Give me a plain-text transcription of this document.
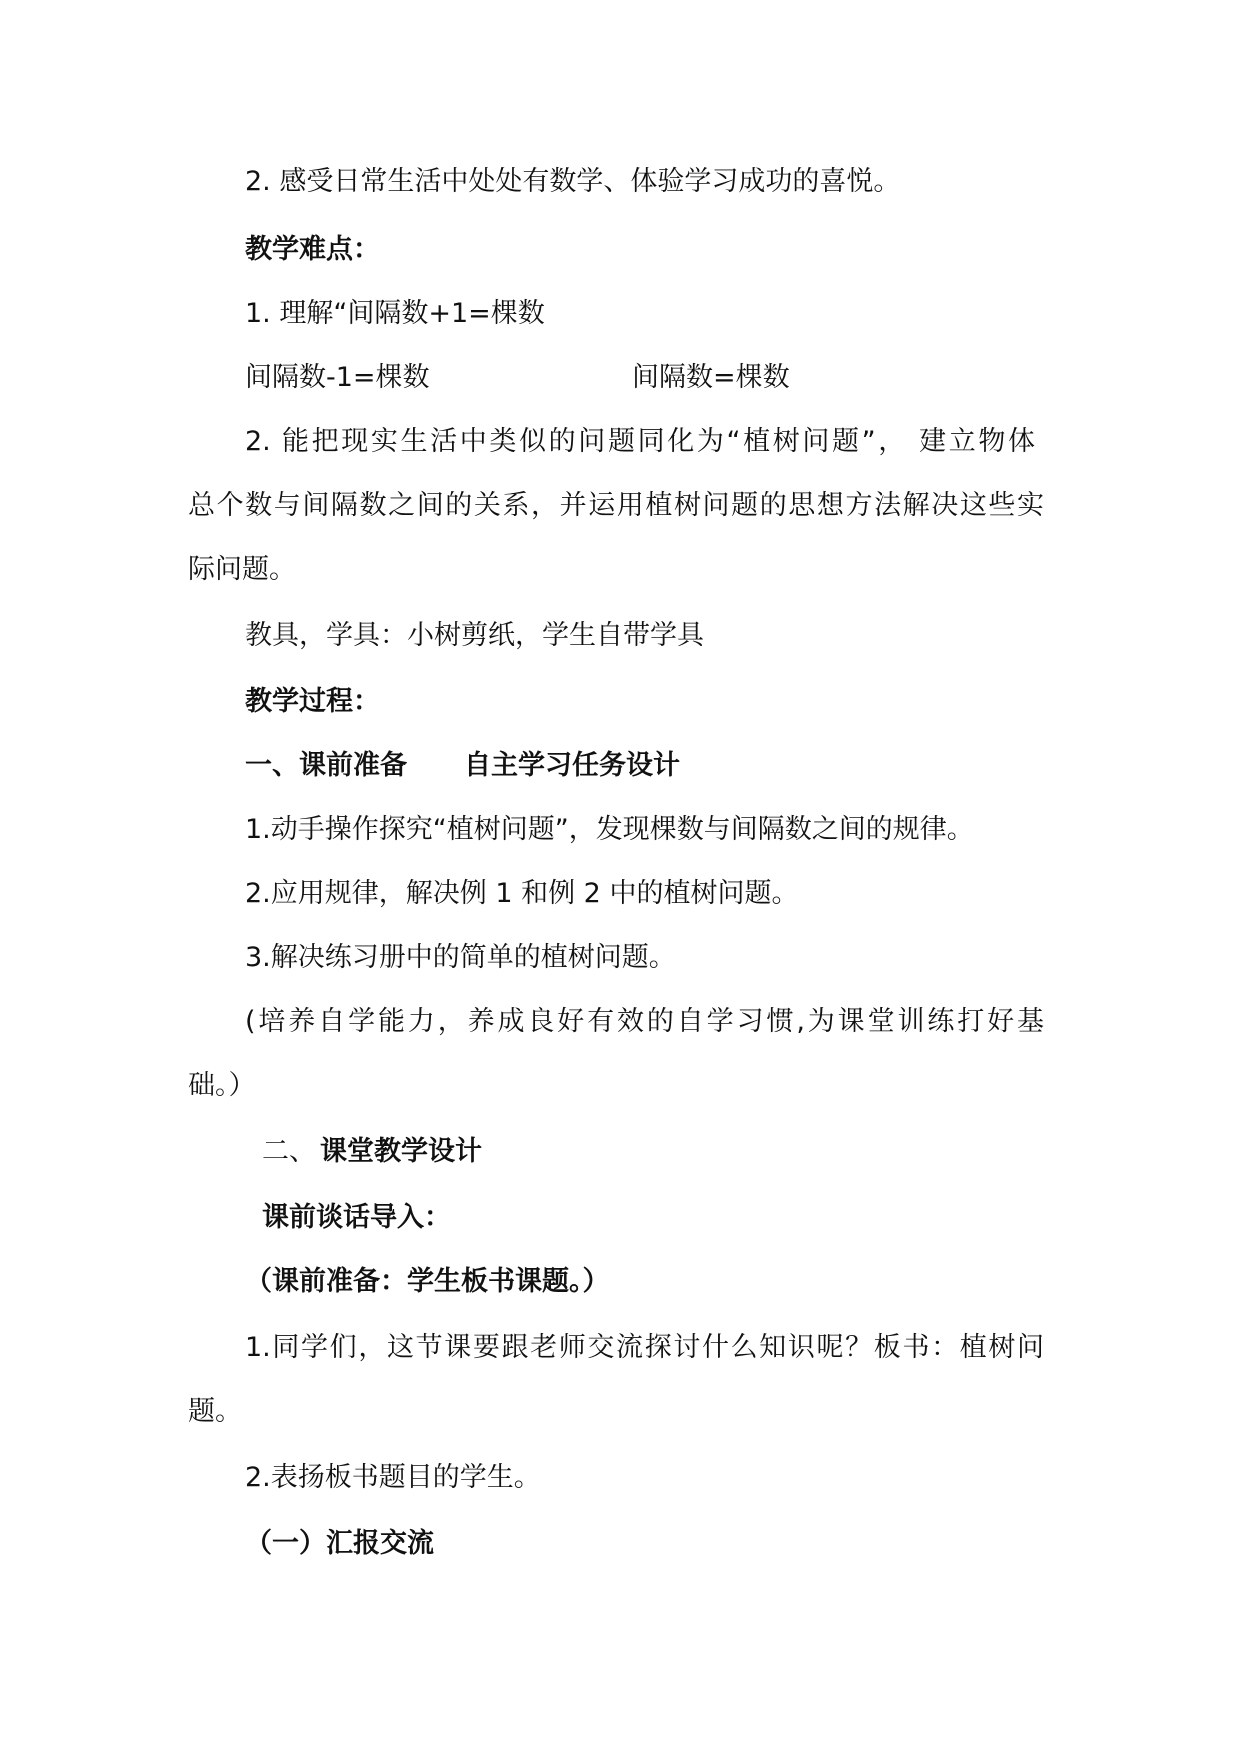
2. 感受日常生活中处处有数学、体验学习成功的喜悦。
教学难点：
1. 理解“间隔数+1=棵数
间隔数-1=棵数	间隔数=棵数
2. 能把现实生活中类似的问题同化为“植树问题”， 建立物体
总个数与间隔数之间的关系，并运用植树问题的思想方法解决这些实
际问题。
教具，学具：小树剪纸，学生自带学具
教学过程：
一、课前准备 自主学习任务设计
1.动手操作探究“植树问题”，发现棵数与间隔数之间的规律。
2.应用规律，解决例 1 和例 2 中的植树问题。
3.解决练习册中的简单的植树问题。
(培养自学能力，养成良好有效的自学习惯,为课堂训练打好基
础。）
二、 课堂教学设计
课前谈话导入：
（课前准备：学生板书课题。）
1.同学们，这节课要跟老师交流探讨什么知识呢？板书：植树问
题。
2.表扬板书题目的学生。
（一）汇报交流
